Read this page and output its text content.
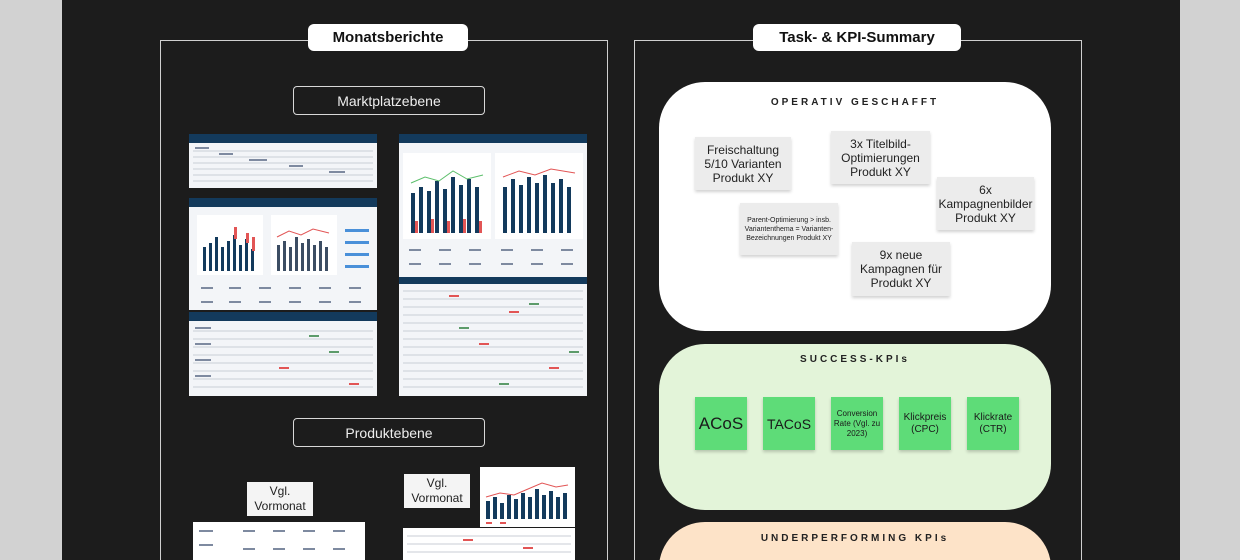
Monatsberichte
Marktplatzebene
Produktebene
Vgl. Vormonat
Vgl. Vormonat
Task- & KPI-Summary
OPERATIV GESCHAFFT
Freischaltung 5/10 Varianten Produkt XY
3x Titelbild-Optimierungen Produkt XY
6x Kampagnenbilder Produkt XY
Parent-Optimierung > insb. Variantenthema = Varianten-Bezeichnungen Produkt XY
9x neue Kampagnen für Produkt XY
SUCCESS-KPIs
ACoS TACoS
Conversion Rate (Vgl. zu 2023)
Klickpreis (CPC)
Klickrate (CTR)
UNDERPERFORMING KPIs
